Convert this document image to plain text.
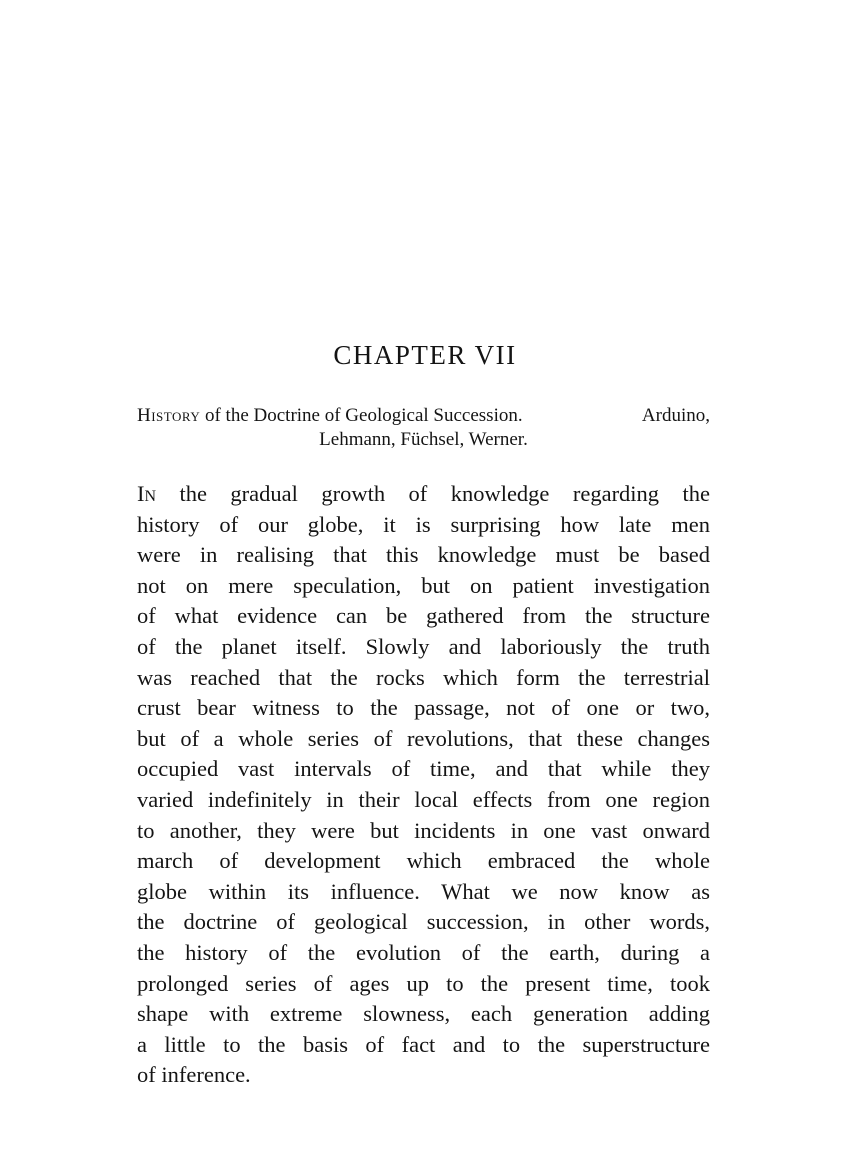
CHAPTER VII
History of the Doctrine of Geological Succession.	Arduino,
Lehmann, Füchsel, Werner.
In the gradual growth of knowledge regarding the
history of our globe, it is surprising how late men
were in realising that this knowledge must be based
not on mere speculation, but on patient investigation
of what evidence can be gathered from the structure
of the planet itself. Slowly and laboriously the truth
was reached that the rocks which form the terrestrial
crust bear witness to the passage, not of one or two,
but of a whole series of revolutions, that these changes
occupied vast intervals of time, and that while they
varied indefinitely in their local effects from one region
to another, they were but incidents in one vast onward
march of development which embraced the whole
globe within its influence. What we now know as
the doctrine of geological succession, in other words,
the history of the evolution of the earth, during a
prolonged series of ages up to the present time, took
shape with extreme slowness, each generation adding
a little to the basis of fact and to the superstructure
of inference.
